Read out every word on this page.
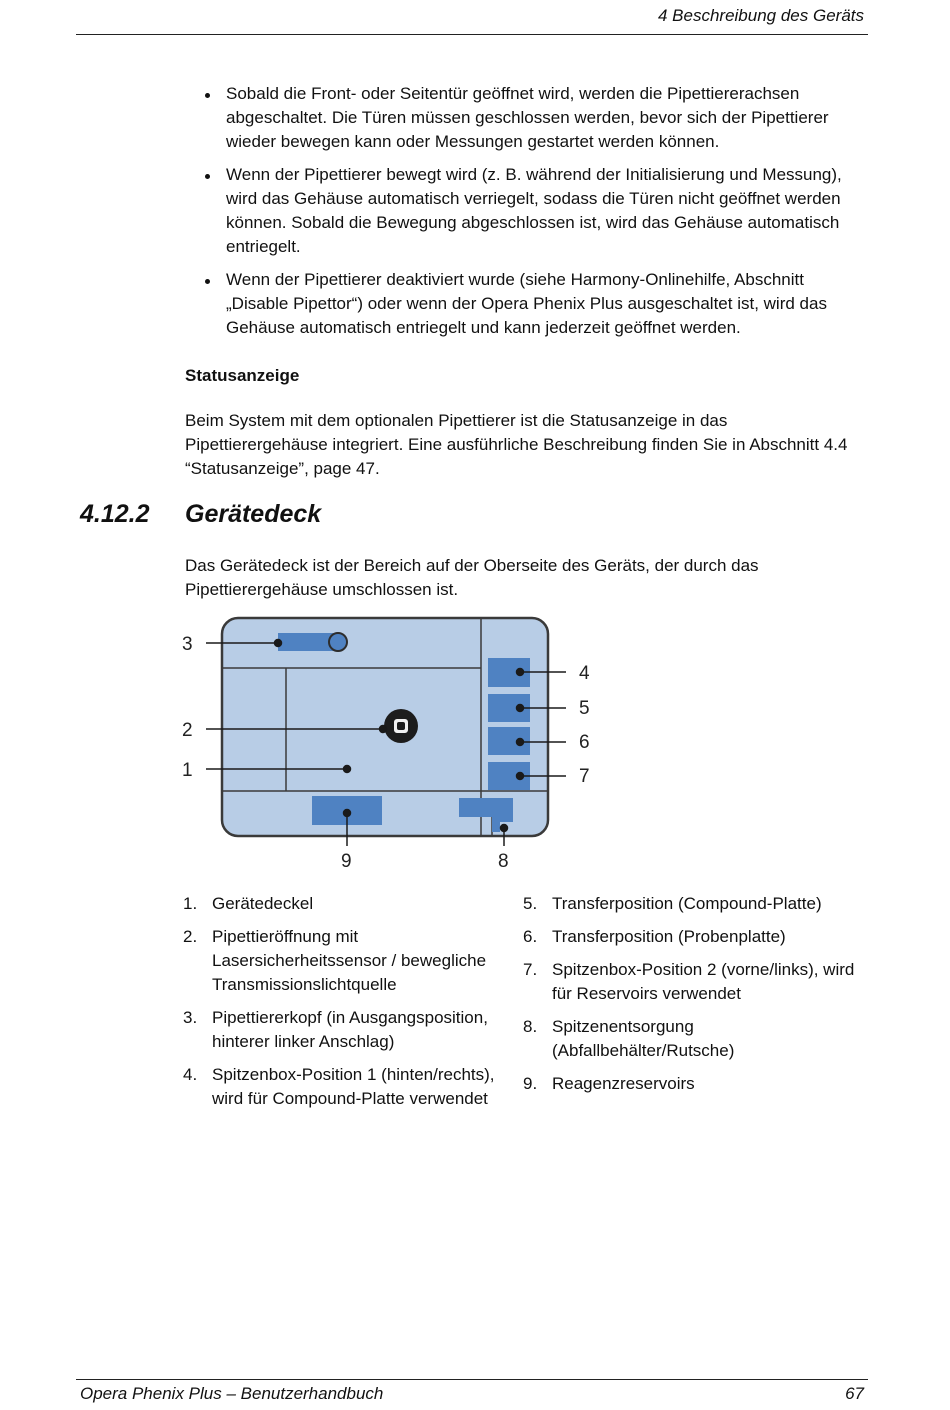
4 Beschreibung des Geräts
Sobald die Front- oder Seitentür geöffnet wird, werden die Pipettiererachsen abgeschaltet. Die Türen müssen geschlossen werden, bevor sich der Pipettierer wieder bewegen kann oder Messungen gestartet werden können.
Wenn der Pipettierer bewegt wird (z. B. während der Initialisierung und Messung), wird das Gehäuse automatisch verriegelt, sodass die Türen nicht geöffnet werden können. Sobald die Bewegung abgeschlossen ist, wird das Gehäuse automatisch entriegelt.
Wenn der Pipettierer deaktiviert wurde (siehe Harmony-Onlinehilfe, Abschnitt „Disable Pipettor“) oder wenn der Opera Phenix Plus ausgeschaltet ist, wird das Gehäuse automatisch entriegelt und kann jederzeit geöffnet werden.
Statusanzeige

Beim System mit dem optionalen Pipettierer ist die Statusanzeige in das Pipettierergehäuse integriert. Eine ausführliche Beschreibung finden Sie in Abschnitt 4.4 “Statusanzeige”, page 47.

4.12.2 Gerätedeck

Das Gerätedeck ist der Bereich auf der Oberseite des Geräts, der durch das Pipettierergehäuse umschlossen ist.

3
2
1
4
5
6
7
9	8
1. Gerätedeckel
2. Pipettieröffnung mit Lasersicherheitssensor / bewegliche Transmissionslichtquelle
3. Pipettiererkopf (in Ausgangsposition, hinterer linker Anschlag)
4. Spitzenbox-Position 1 (hinten/rechts), wird für Compound-Platte verwendet
5. Transferposition (Compound-Platte)
6. Transferposition (Probenplatte)
7. Spitzenbox-Position 2 (vorne/links), wird für Reservoirs verwendet
8. Spitzenentsorgung (Abfallbehälter/Rutsche)
9. Reagenzreservoirs
Opera Phenix Plus – Benutzerhandbuch	67
